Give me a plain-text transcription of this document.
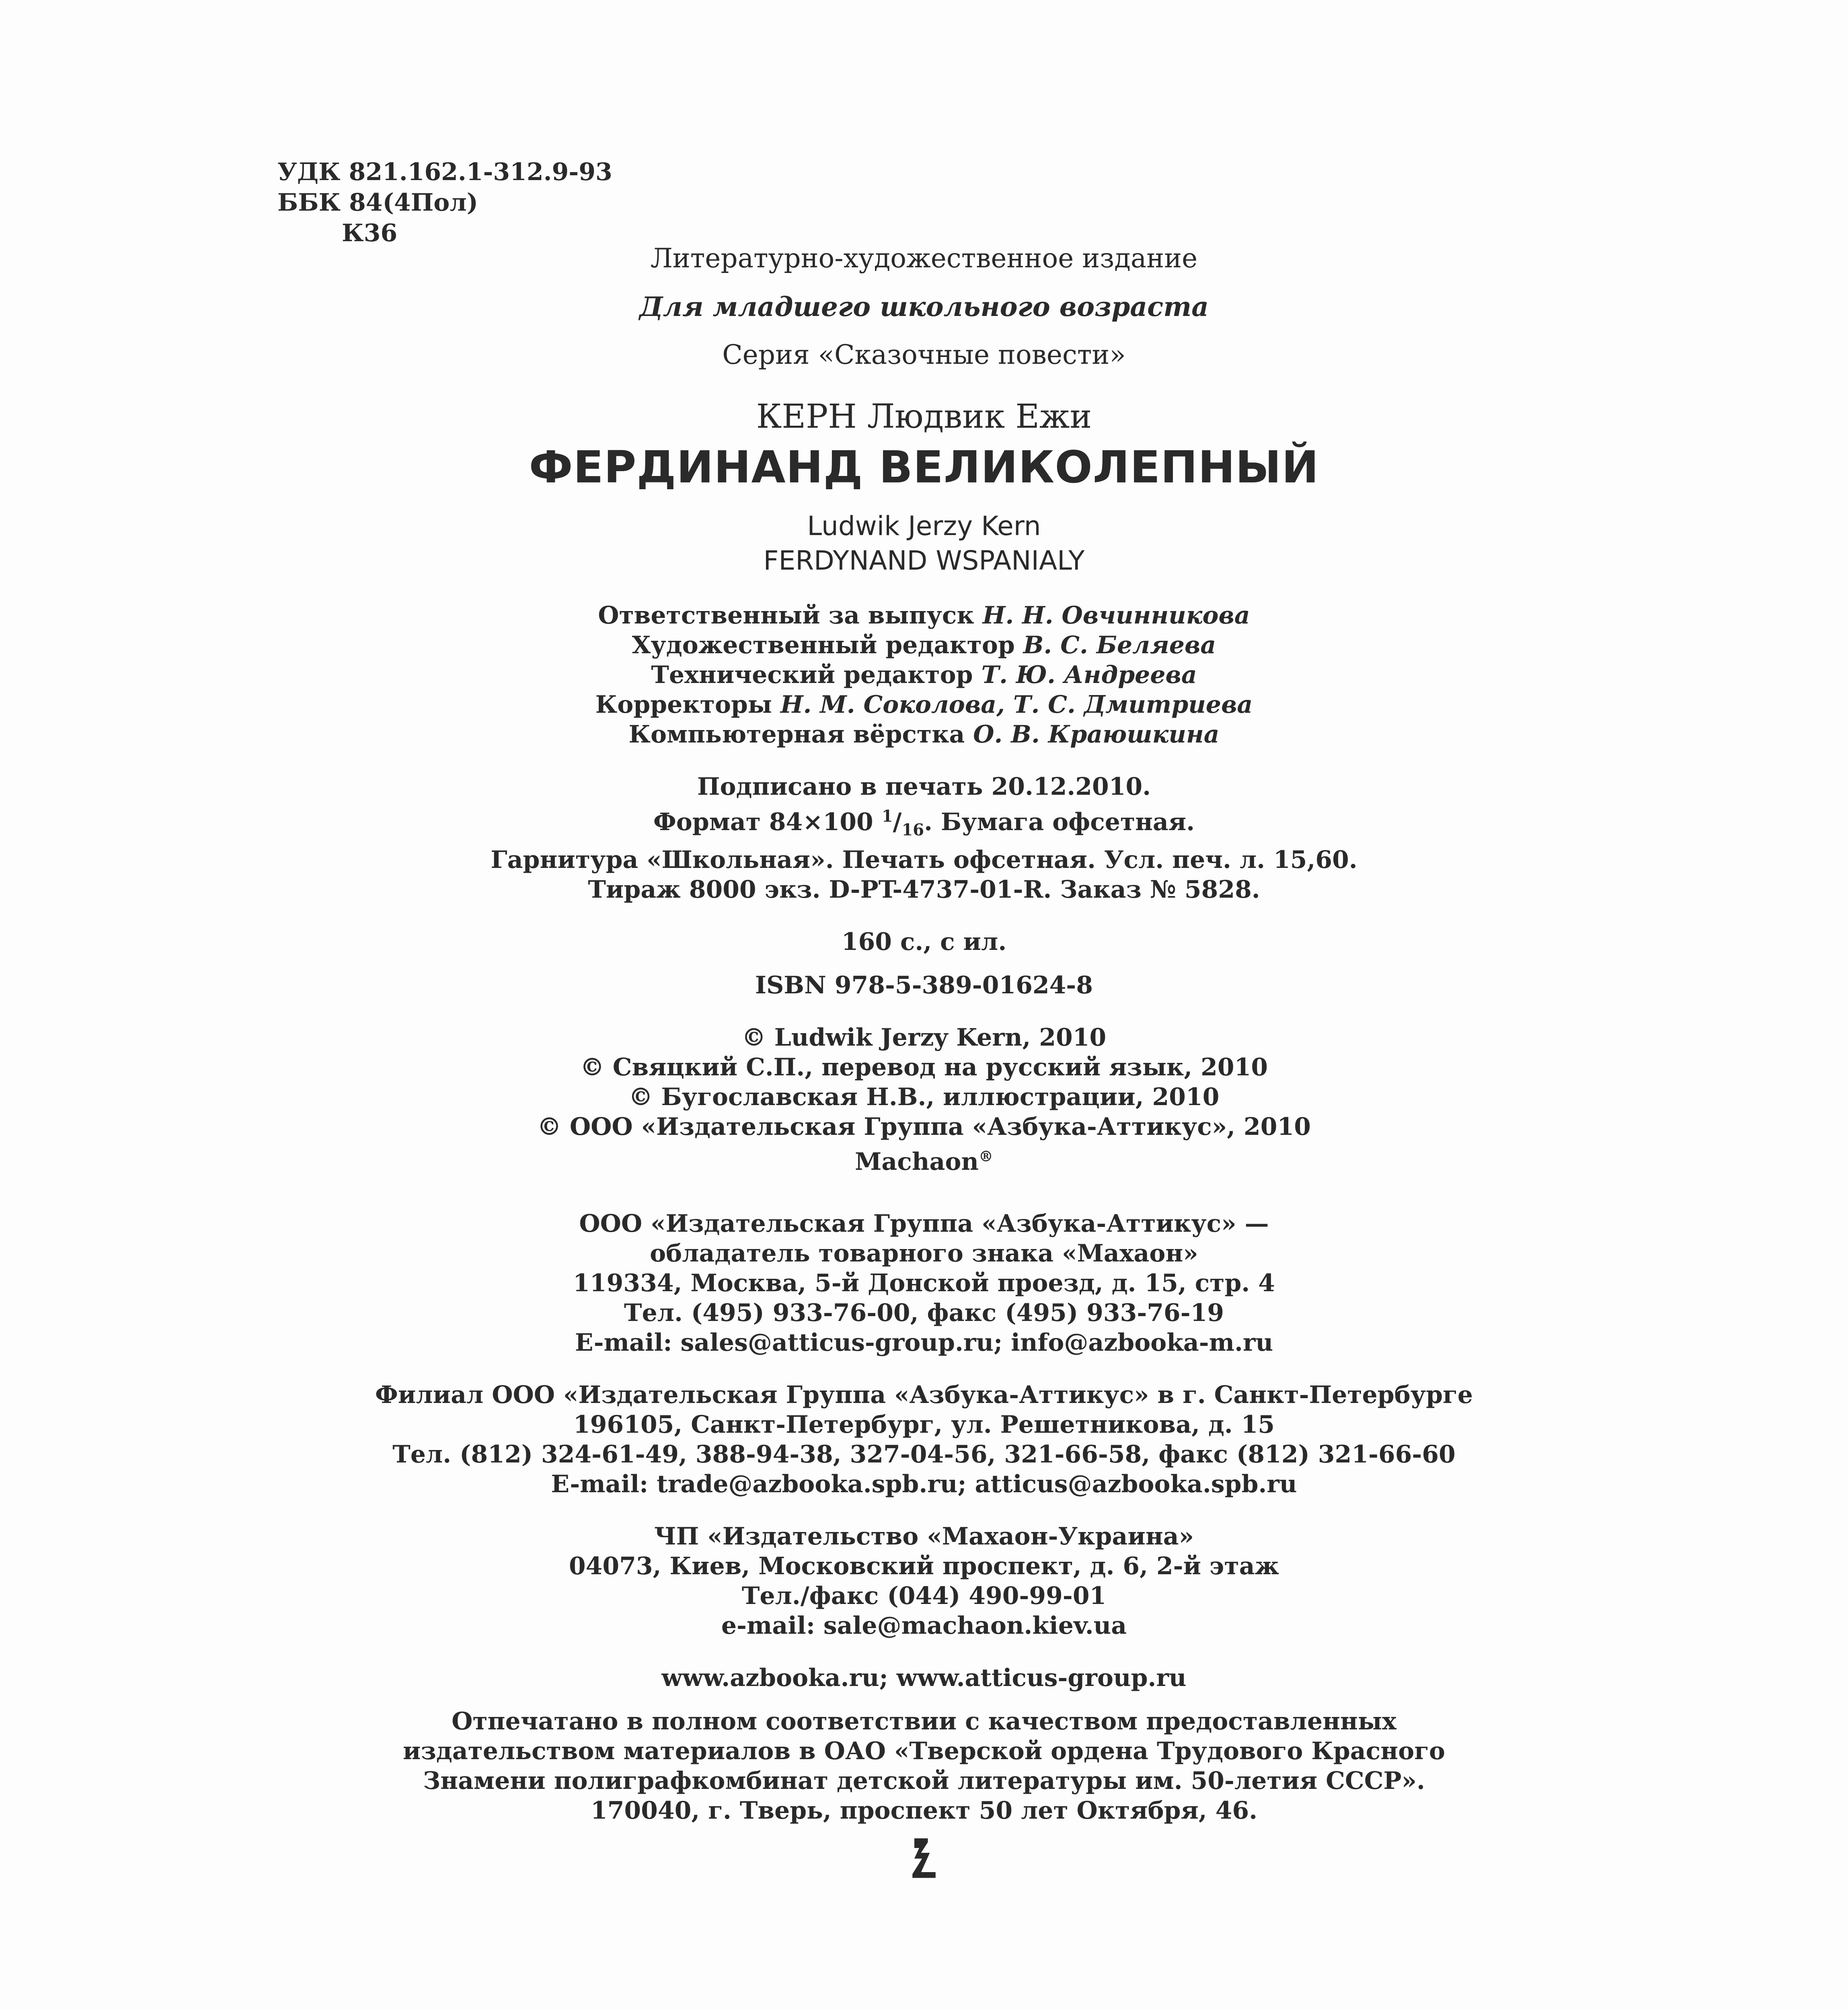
УДК 821.162.1-312.9-93
ББК 84(4Пол)
К36
Литературно-художественное издание
Для младшего школьного возраста
Серия «Сказочные повести»
КЕРН Людвик Ежи
ФЕРДИНАНД ВЕЛИКОЛЕПНЫЙ
Ludwik Jerzy Kern
FERDYNAND WSPANIALY
Ответственный за выпуск Н. Н. Овчинникова
Художественный редактор В. С. Беляева
Технический редактор Т. Ю. Андреева
Корректоры Н. М. Соколова, Т. С. Дмитриева
Компьютерная вёрстка О. В. Краюшкина
Подписано в печать 20.12.2010.
Формат 84×100 $^1/_{16}$. Бумага офсетная.
Гарнитура «Школьная». Печать офсетная. Усл. печ. л. 15,60.
Тираж 8000 экз. D-PT-4737-01-R. Заказ № 5828.
160 с., с ил.
ISBN 978-5-389-01624-8
© Ludwik Jerzy Kern, 2010
© Свяцкий С.П., перевод на русский язык, 2010
© Бугославская Н.В., иллюстрации, 2010
© ООО «Издательская Группа «Азбука-Аттикус», 2010
Machaon®
ООО «Издательская Группа «Азбука-Аттикус» —
обладатель товарного знака «Махаон»
119334, Москва, 5-й Донской проезд, д. 15, стр. 4
Тел. (495) 933-76-00, факс (495) 933-76-19
E-mail: sales@atticus-group.ru; info@azbooka-m.ru
Филиал ООО «Издательская Группа «Азбука-Аттикус» в г. Санкт-Петербурге
196105, Санкт-Петербург, ул. Решетникова, д. 15
Тел. (812) 324-61-49, 388-94-38, 327-04-56, 321-66-58, факс (812) 321-66-60
E-mail: trade@azbooka.spb.ru; atticus@azbooka.spb.ru
ЧП «Издательство «Махаон-Украина»
04073, Киев, Московский проспект, д. 6, 2-й этаж
Тел./факс (044) 490-99-01
e-mail: sale@machaon.kiev.ua
www.azbooka.ru; www.atticus-group.ru
Отпечатано в полном соответствии с качеством предоставленных
издательством материалов в ОАО «Тверской ордена Трудового Красного
Знамени полиграфкомбинат детской литературы им. 50-летия СССР».
170040, г. Тверь, проспект 50 лет Октября, 46.
